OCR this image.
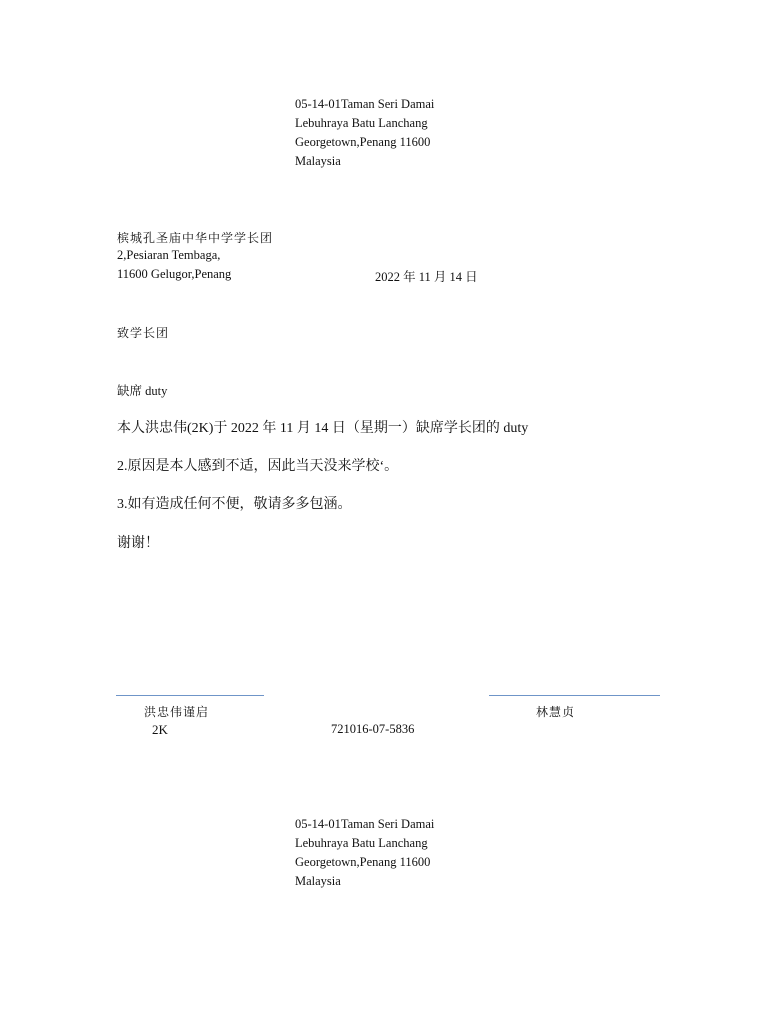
05-14-01Taman Seri Damai
Lebuhraya Batu Lanchang
Georgetown,Penang 11600
Malaysia
槟城孔圣庙中华中学学长团
2,Pesiaran Tembaga,
11600 Gelugor,Penang	2022 年 11 月 14 日
致学长团
缺席 duty
本人洪忠伟(2K)于 2022 年 11 月 14 日（星期一）缺席学长团的 duty
2.原因是本人感到不适，因此当天没来学校‘。
3.如有造成任何不便，敬请多多包涵。
谢谢！
洪忠伟谨启	林慧贞
2K	721016-07-5836
05-14-01Taman Seri Damai
Lebuhraya Batu Lanchang
Georgetown,Penang 11600
Malaysia
